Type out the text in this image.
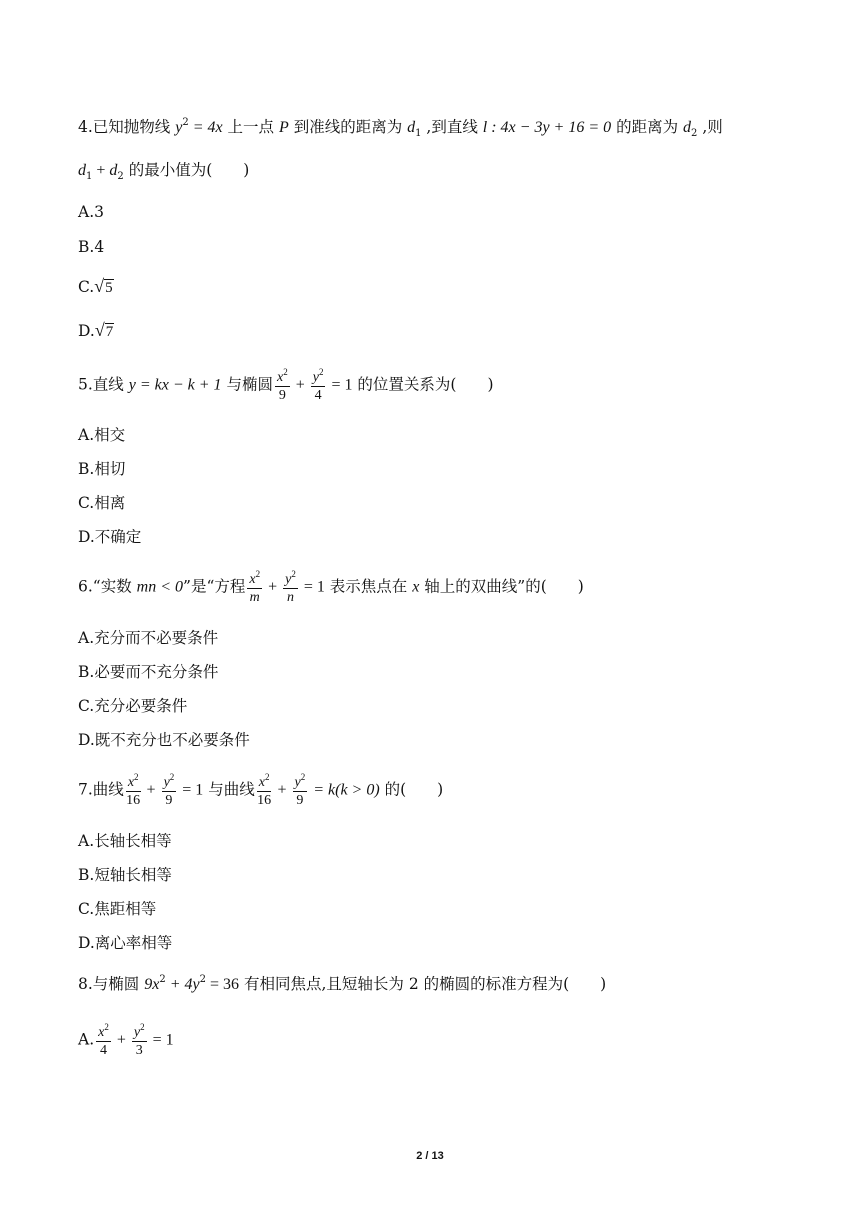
4.已知抛物线 $y^2 = 4x$ 上一点 P 到准线的距离为 $d_1$ ,到直线 l : 4x − 3y + 16 = 0 的距离为 $d_2$ ,则
$d_1 + d_2$ 的最小值为(　　)
A.3
B.4
C.√5
D.√7
5.直线 y = kx − k + 1 与椭圆 $\frac{x^2}{9} + \frac{y^2}{4} = 1$ 的位置关系为(　　)
A.相交
B.相切
C.相离
D.不确定
6.“实数 mn < 0”是“方程 $\frac{x^2}{m} + \frac{y^2}{n} = 1$ 表示焦点在 x 轴上的双曲线”的(　　)
A.充分而不必要条件
B.必要而不充分条件
C.充分必要条件
D.既不充分也不必要条件
7.曲线 $\frac{x^2}{16} + \frac{y^2}{9} = 1$ 与曲线 $\frac{x^2}{16} + \frac{y^2}{9} = k(k > 0)$ 的(　　)
A.长轴长相等
B.短轴长相等
C.焦距相等
D.离心率相等
8.与椭圆 $9x^2 + 4y^2 = 36$ 有相同焦点,且短轴长为 2 的椭圆的标准方程为(　　)
A. $\frac{x^2}{4} + \frac{y^2}{3} = 1$
2 / 13
